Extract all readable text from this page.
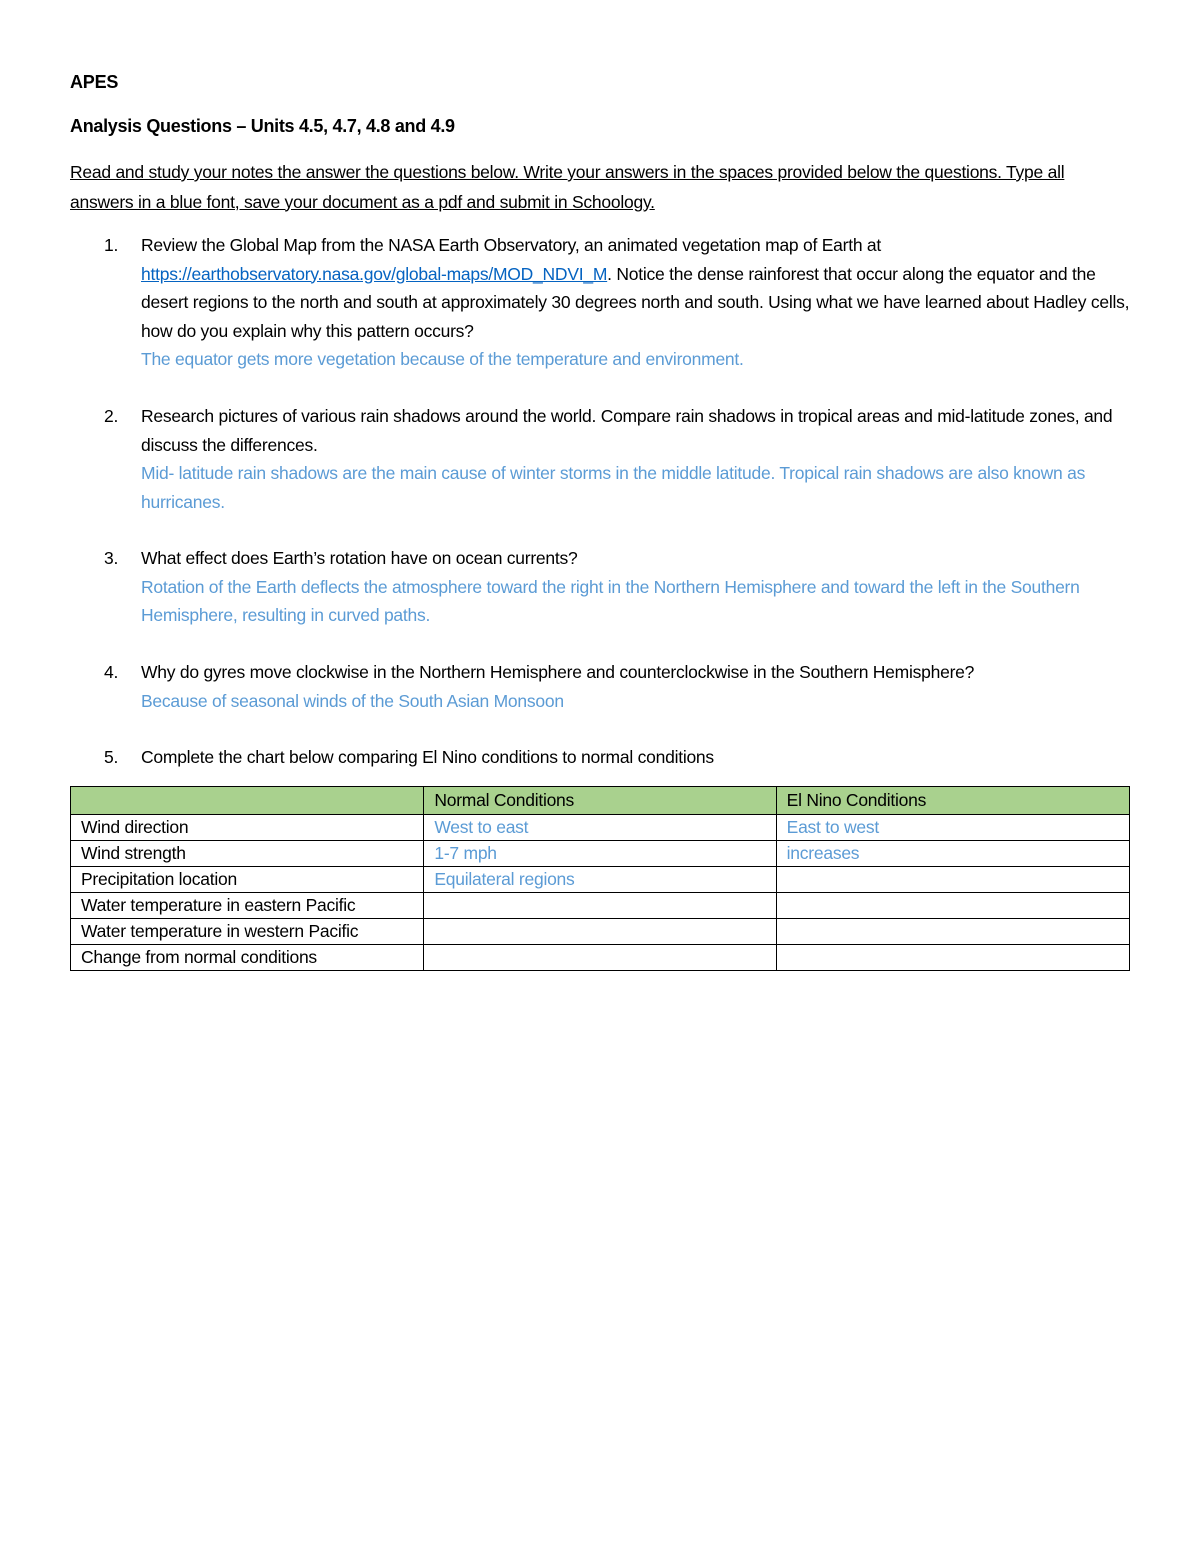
APES
Analysis Questions – Units 4.5, 4.7, 4.8 and 4.9
Read and study your notes the answer the questions below. Write your answers in the spaces provided below the questions. Type all answers in a blue font, save your document as a pdf and submit in Schoology.
1.	Review the Global Map from the NASA Earth Observatory, an animated vegetation map of Earth at https://earthobservatory.nasa.gov/global-maps/MOD_NDVI_M. Notice the dense rainforest that occur along the equator and the desert regions to the north and south at approximately 30 degrees north and south. Using what we have learned about Hadley cells, how do you explain why this pattern occurs?
The equator gets more vegetation because of the temperature and environment.
2.	Research pictures of various rain shadows around the world. Compare rain shadows in tropical areas and mid-latitude zones, and discuss the differences.
Mid- latitude rain shadows are the main cause of winter storms in the middle latitude. Tropical rain shadows are also known as hurricanes.
3.	What effect does Earth’s rotation have on ocean currents?
Rotation of the Earth deflects the atmosphere toward the right in the Northern Hemisphere and toward the left in the Southern Hemisphere, resulting in curved paths.
4.	Why do gyres move clockwise in the Northern Hemisphere and counterclockwise in the Southern Hemisphere?
Because of seasonal winds of the South Asian Monsoon
5.	Complete the chart below comparing El Nino conditions to normal conditions
	Normal Conditions	El Nino Conditions
Wind direction	West to east	East to west
Wind strength	1-7 mph	increases
Precipitation location	Equilateral regions	
Water temperature in eastern Pacific		
Water temperature in western Pacific		
Change from normal conditions		
